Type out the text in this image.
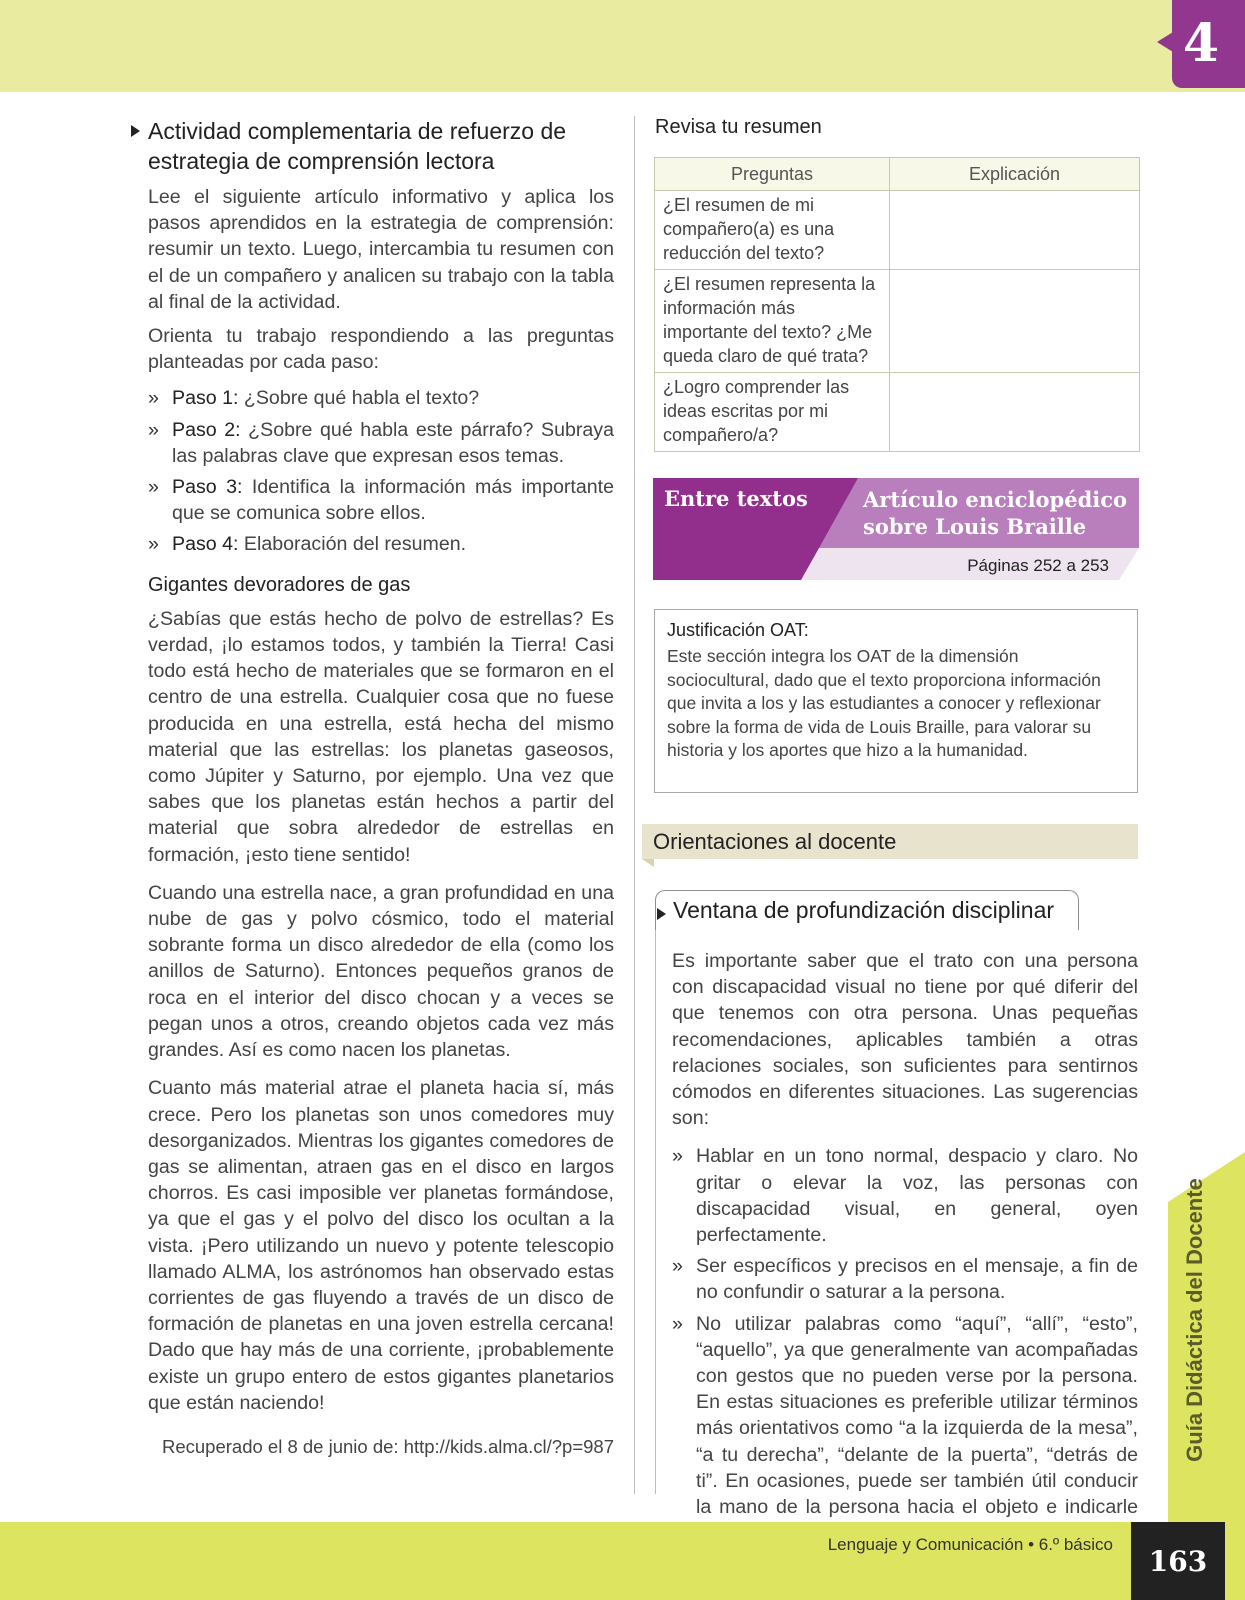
4
Actividad complementaria de refuerzo de estrategia de comprensión lectora

Lee el siguiente artículo informativo y aplica los pasos aprendidos en la estrategia de comprensión: resumir un texto. Luego, intercambia tu resumen con el de un compañero y analicen su trabajo con la tabla al final de la actividad.

Orienta tu trabajo respondiendo a las preguntas planteadas por cada paso:

» Paso 1: ¿Sobre qué habla el texto?
» Paso 2: ¿Sobre qué habla este párrafo? Subraya las palabras clave que expresan esos temas.
» Paso 3: Identifica la información más importante que se comunica sobre ellos.
» Paso 4: Elaboración del resumen.
Gigantes devoradores de gas

¿Sabías que estás hecho de polvo de estrellas? Es verdad, ¡lo estamos todos, y también la Tierra! Casi todo está hecho de materiales que se formaron en el centro de una estrella. Cualquier cosa que no fuese producida en una estrella, está hecha del mismo material que las estrellas: los planetas gaseosos, como Júpiter y Saturno, por ejemplo. Una vez que sabes que los planetas están hechos a partir del material que sobra alrededor de estrellas en formación, ¡esto tiene sentido!

Cuando una estrella nace, a gran profundidad en una nube de gas y polvo cósmico, todo el material sobrante forma un disco alrededor de ella (como los anillos de Saturno). Entonces pequeños granos de roca en el interior del disco chocan y a veces se pegan unos a otros, creando objetos cada vez más grandes. Así es como nacen los planetas.

Cuanto más material atrae el planeta hacia sí, más crece. Pero los planetas son unos comedores muy desorganizados. Mientras los gigantes comedores de gas se alimentan, atraen gas en el disco en largos chorros. Es casi imposible ver planetas formándose, ya que el gas y el polvo del disco los ocultan a la vista. ¡Pero utilizando un nuevo y potente telescopio llamado ALMA, los astrónomos han observado estas corrientes de gas fluyendo a través de un disco de formación de planetas en una joven estrella cercana! Dado que hay más de una corriente, ¡probablemente existe un grupo entero de estos gigantes planetarios que están naciendo!

Recuperado el 8 de junio de: http://kids.alma.cl/?p=987
Revisa tu resumen
Preguntas	Explicación
¿El resumen de mi compañero(a) es una reducción del texto?	
¿El resumen representa la información más importante del texto? ¿Me queda claro de qué trata?	
¿Logro comprender las ideas escritas por mi compañero/a?	
Entre textos	Artículo enciclopédico sobre Louis Braille
Páginas 252 a 253
Justificación OAT:
Este sección integra los OAT de la dimensión sociocultural, dado que el texto proporciona información que invita a los y las estudiantes a conocer y reflexionar sobre la forma de vida de Louis Braille, para valorar su historia y los aportes que hizo a la humanidad.
Orientaciones al docente
Ventana de profundización disciplinar

Es importante saber que el trato con una persona con discapacidad visual no tiene por qué diferir del que tenemos con otra persona. Unas pequeñas recomendaciones, aplicables también a otras relaciones sociales, son suficientes para sentirnos cómodos en diferentes situaciones. Las sugerencias son:

» Hablar en un tono normal, despacio y claro. No gritar o elevar la voz, las personas con discapacidad visual, en general, oyen perfectamente.
» Ser específicos y precisos en el mensaje, a fin de no confundir o saturar a la persona.
» No utilizar palabras como “aquí”, “allí”, “esto”, “aquello”, ya que generalmente van acompañadas con gestos que no pueden verse por la persona. En estas situaciones es preferible utilizar términos más orientativos como “a la izquierda de la mesa”, “a tu derecha”, “delante de la puerta”, “detrás de ti”. En ocasiones, puede ser también útil conducir la mano de la persona hacia el objeto e indicarle
Guía Didáctica del Docente
Lenguaje y Comunicación • 6.º básico	163
